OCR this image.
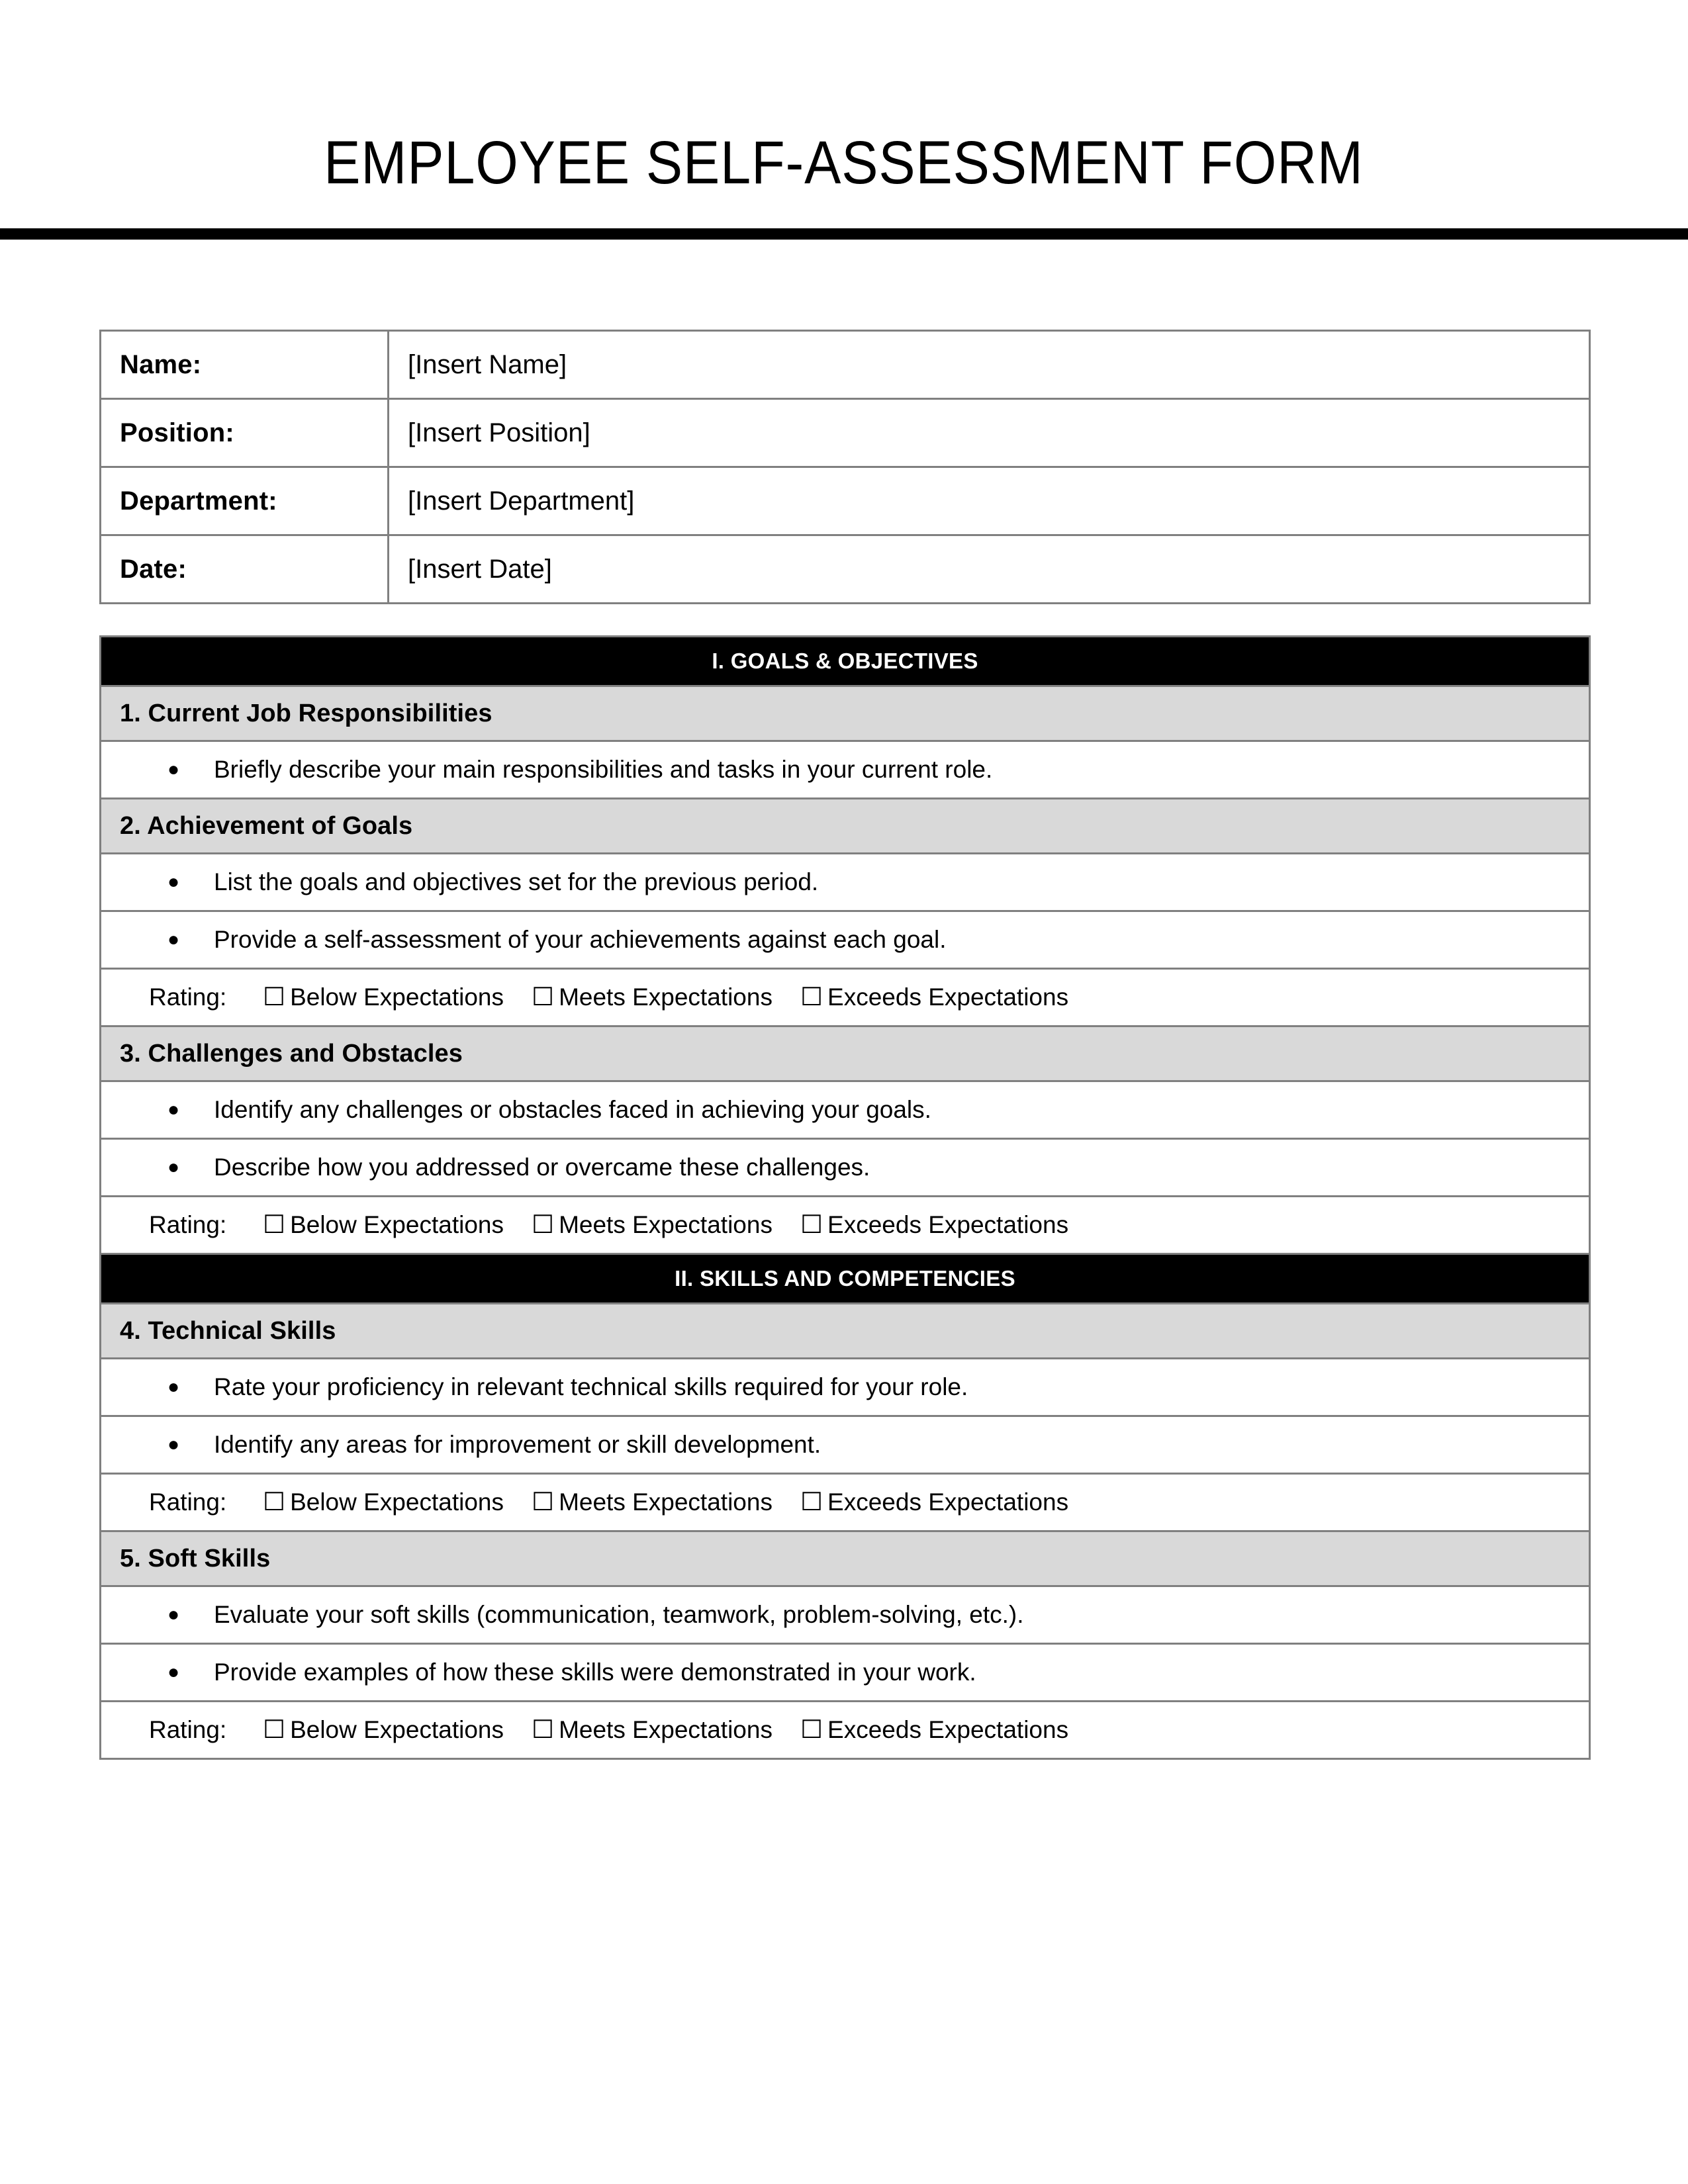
EMPLOYEE SELF-ASSESSMENT FORM
Name:	[Insert Name]
Position:	[Insert Position]
Department:	[Insert Department]
Date:	[Insert Date]
I. GOALS & OBJECTIVES
1. Current Job Responsibilities

● Briefly describe your main responsibilities and tasks in your current role.

2. Achievement of Goals

● List the goals and objectives set for the previous period.

● Provide a self-assessment of your achievements against each goal.

Rating: ☐ Below Expectations ☐ Meets Expectations ☐ Exceeds Expectations
3. Challenges and Obstacles

● Identify any challenges or obstacles faced in achieving your goals.

● Describe how you addressed or overcame these challenges.

Rating: ☐ Below Expectations ☐ Meets Expectations ☐ Exceeds Expectations
II. SKILLS AND COMPETENCIES
4. Technical Skills

● Rate your proficiency in relevant technical skills required for your role.

● Identify any areas for improvement or skill development.

Rating: ☐ Below Expectations ☐ Meets Expectations ☐ Exceeds Expectations
5. Soft Skills

● Evaluate your soft skills (communication, teamwork, problem-solving, etc.).

● Provide examples of how these skills were demonstrated in your work.

Rating: ☐ Below Expectations ☐ Meets Expectations ☐ Exceeds Expectations
